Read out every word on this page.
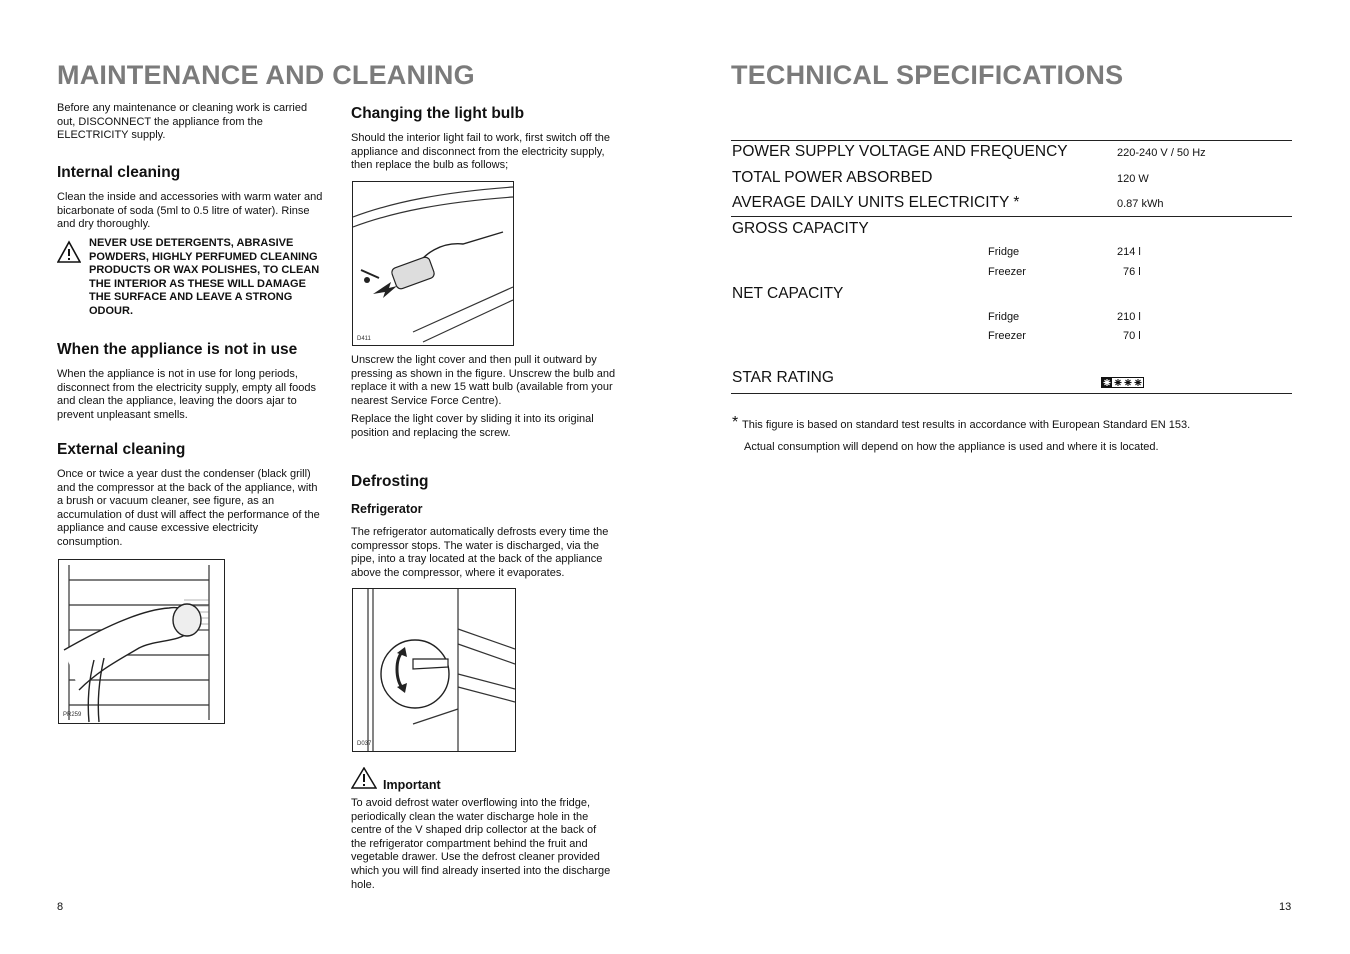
MAINTENANCE AND CLEANING

Before any maintenance or cleaning work is carried out, DISCONNECT the appliance from the ELECTRICITY supply.

Internal cleaning

Clean the inside and accessories with warm water and bicarbonate of soda (5ml to 0.5 litre of water). Rinse and dry thoroughly.

NEVER USE DETERGENTS, ABRASIVE POWDERS, HIGHLY PERFUMED CLEANING PRODUCTS OR WAX POLISHES, TO CLEAN THE INTERIOR AS THESE WILL DAMAGE THE SURFACE AND LEAVE A STRONG ODOUR.

When the appliance is not in use

When the appliance is not in use for long periods, disconnect from the electricity supply, empty all foods and clean the appliance, leaving the doors ajar to prevent unpleasant smells.

External cleaning

Once or twice a year dust the condenser (black grill) and the compressor at the back of the appliance, with a brush or vacuum cleaner, see figure, as an accumulation of dust will affect the performance of the appliance and cause excessive electricity consumption.

PR259
8
Changing the light bulb

Should the interior light fail to work, first switch off the appliance and disconnect from the electricity supply, then replace the bulb as follows;

D411

Unscrew the light cover and then pull it outward by pressing as shown in the figure. Unscrew the bulb and replace it with a new 15 watt bulb (available from your nearest Service Force Centre).

Replace the light cover by sliding it into its original position and replacing the screw.

Defrosting
Refrigerator

The refrigerator automatically defrosts every time the compressor stops. The water is discharged, via the pipe, into a tray located at the back of the appliance above the compressor, where it evaporates.

D037
Important

To avoid defrost water overflowing into the fridge, periodically clean the water discharge hole in the centre of the V shaped drip collector at the back of the refrigerator compartment behind the fruit and vegetable drawer. Use the defrost cleaner provided which you will find already inserted into the discharge hole.

TECHNICAL SPECIFICATIONS
POWER SUPPLY VOLTAGE AND FREQUENCY	220-240 V / 50 Hz
TOTAL POWER ABSORBED	120 W
AVERAGE DAILY UNITS ELECTRICITY *	0.87 kWh
GROSS CAPACITY
Fridge	214 l
Freezer	76 l
NET CAPACITY
Fridge	210 l
Freezer	70 l
STAR RATING
* This figure is based on standard test results in accordance with European Standard EN 153.

Actual consumption will depend on how the appliance is used and where it is located.

13
